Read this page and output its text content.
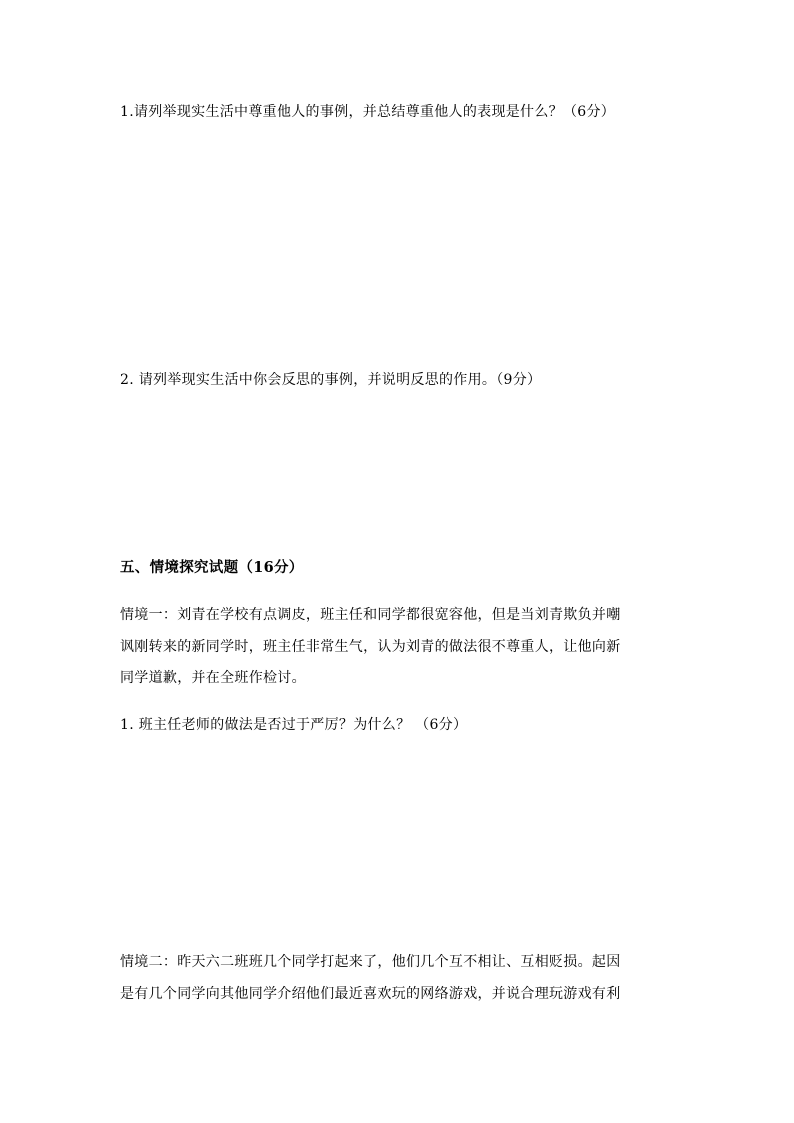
1.请列举现实生活中尊重他人的事例，并总结尊重他人的表现是什么？（6分）
2. 请列举现实生活中你会反思的事例，并说明反思的作用。（9分）
五、情境探究试题（16分）
情境一：刘青在学校有点调皮，班主任和同学都很宽容他，但是当刘青欺负并嘲
讽刚转来的新同学时，班主任非常生气，认为刘青的做法很不尊重人，让他向新
同学道歉，并在全班作检讨。
1. 班主任老师的做法是否过于严厉？为什么？ （6分）
情境二：昨天六二班班几个同学打起来了，他们几个互不相让、互相贬损。起因
是有几个同学向其他同学介绍他们最近喜欢玩的网络游戏，并说合理玩游戏有利
